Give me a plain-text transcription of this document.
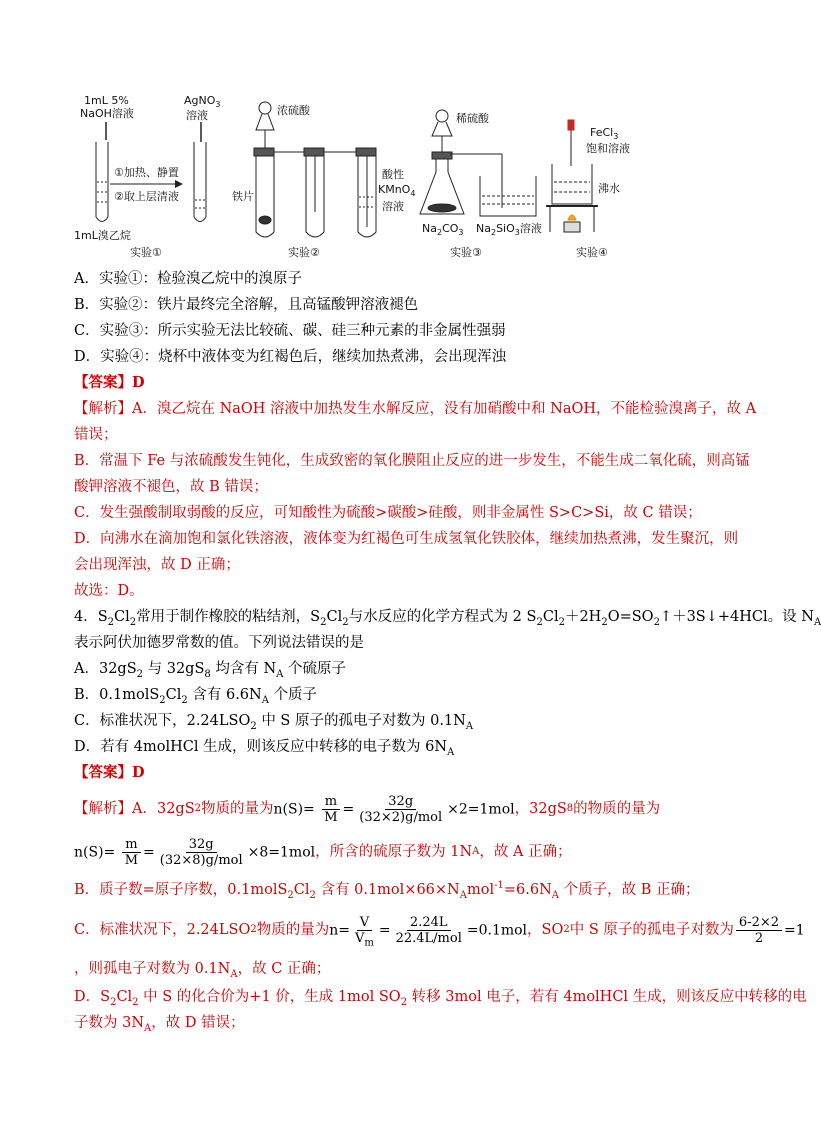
1mL 5%
NaOH溶液
AgNO$_3$
溶液
①加热、静置
②取上层清液
1mL溴乙烷
实验①
浓硫酸
铁片
酸性
KMnO$_4$
溶液
实验②
稀硫酸
$Na_2CO_3$ $Na_2SiO_3$溶液
实验③
FeCl$_3$
饱和溶液
沸水
实验④
A．实验①：检验溴乙烷中的溴原子
B．实验②：铁片最终完全溶解，且高锰酸钾溶液褪色
C．实验③：所示实验无法比较硫、碳、硅三种元素的非金属性强弱
D．实验④：烧杯中液体变为红褐色后，继续加热煮沸，会出现浑浊
【答案】D
【解析】A．溴乙烷在 NaOH 溶液中加热发生水解反应，没有加硝酸中和 NaOH，不能检验溴离子，故 A
错误；
B．常温下 Fe 与浓硫酸发生钝化，生成致密的氧化膜阻止反应的进一步发生，不能生成二氧化硫，则高锰
酸钾溶液不褪色，故 B 错误；
C．发生强酸制取弱酸的反应，可知酸性为硫酸>碳酸>硅酸，则非金属性 S>C>Si，故 C 错误；
D．向沸水在滴加饱和氯化铁溶液，液体变为红褐色可生成氢氧化铁胶体，继续加热煮沸，发生聚沉，则
会出现浑浊，故 D 正确；
故选：D。
4．$S_2Cl_2$常用于制作橡胶的粘结剂，$S_2Cl_2$与水反应的化学方程式为 2 $S_2Cl_2+2H_2O=SO_2↑+3S↓+4HCl$。设 $N_A$
表示阿伏加德罗常数的值。下列说法错误的是
A．$32gS_2$ 与 $32gS_8$ 均含有 $N_A$ 个硫原子
B．$0.1molS_2Cl_2$ 含有 $6.6N_A$ 个质子
C．标准状况下，$2.24LSO_2$ 中 S 原子的孤电子对数为 $0.1N_A$
D．若有 4molHCl 生成，则该反应中转移的电子数为 $6N_A$
【答案】D
【解析】A．32gS 2 物质的量为 $n(S)= \frac{m}{M} = \frac{32g}{\text{(32×2)g/mol}} \times 2=1mol$ ， 32gS 8 的物质的量为
$n(S)= \frac{m}{M} = \frac{32g}{\text{(32×8)g/mol}} \times 8=1mol$ ，所含的硫原子数为 1N A ，故 A 正确；
B．质子数=原子序数，$0.1molS_2Cl_2$ 含有 $0.1mol\times 66\times N_Amol^{-1}=6.6N_A$ 个质子，故 B 正确；
C．标准状况下，2.24LSO 2 物质的量为 $n= \frac{V}{V_m} = \frac{2.24L}{\text{22.4L/mol}} =0.1mol$ ，SO 2 中 S 原子的孤电子对数为 $\frac{6-2\times 2}{2} =1$
，则孤电子对数为 $0.1N_A$，故 C 正确；
D．$S_2Cl_2$ 中 S 的化合价为+1 价，生成 1mol $SO_2$ 转移 3mol 电子，若有 4molHCl 生成，则该反应中转移的电
子数为 $3N_A$，故 D 错误；
